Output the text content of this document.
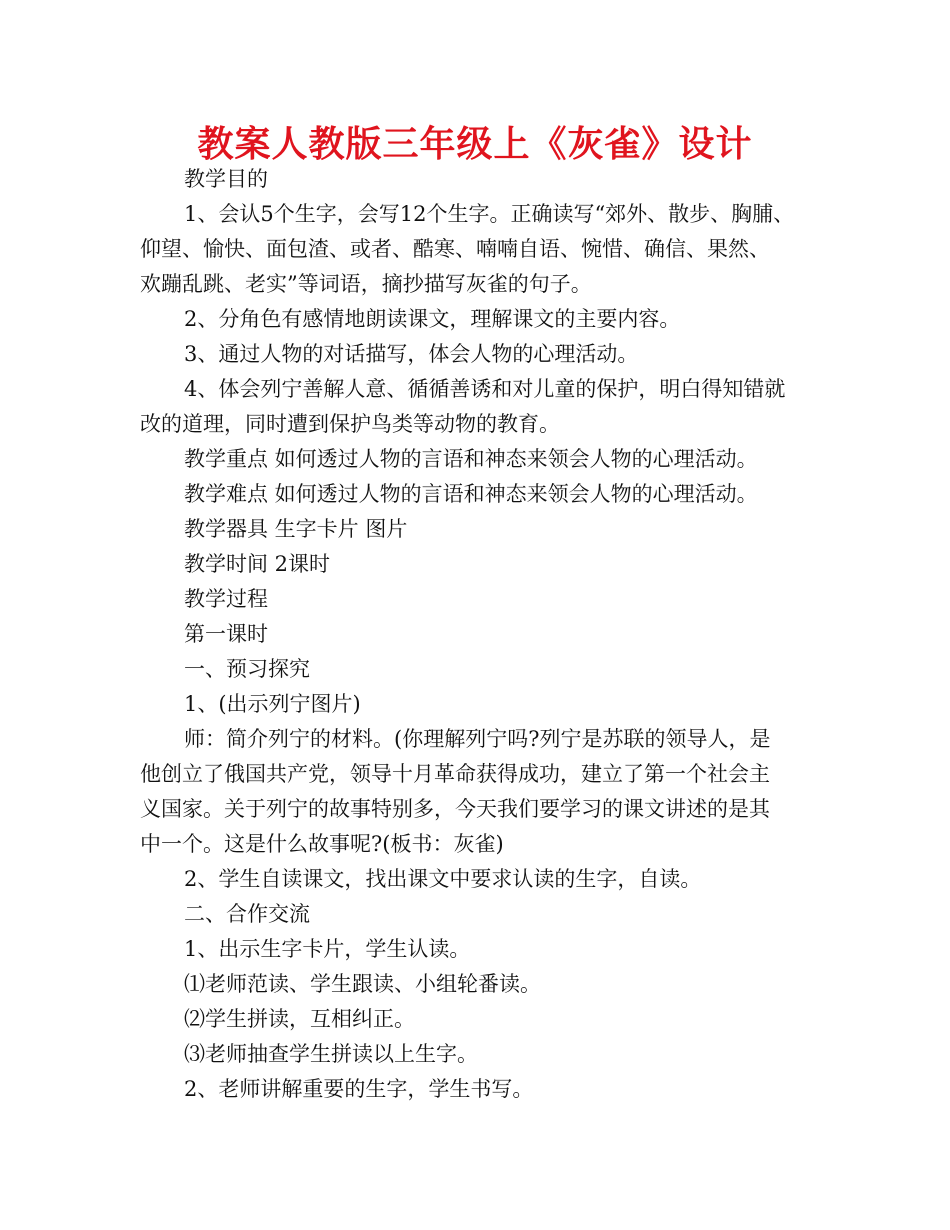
教案人教版三年级上《灰雀》设计

教学目的

1、会认5个生字，会写12个生字。正确读写“郊外、散步、胸脯、

仰望、愉快、面包渣、或者、酷寒、喃喃自语、惋惜、确信、果然、

欢蹦乱跳、老实”等词语，摘抄描写灰雀的句子。

2、分角色有感情地朗读课文，理解课文的主要内容。

3、通过人物的对话描写，体会人物的心理活动。

4、体会列宁善解人意、循循善诱和对儿童的保护，明白得知错就

改的道理，同时遭到保护鸟类等动物的教育。

教学重点 如何透过人物的言语和神态来领会人物的心理活动。

教学难点 如何透过人物的言语和神态来领会人物的心理活动。

教学器具 生字卡片 图片

教学时间 2课时

教学过程

第一课时

一、预习探究

1、(出示列宁图片)

师：简介列宁的材料。(你理解列宁吗?列宁是苏联的领导人，是

他创立了俄国共产党，领导十月革命获得成功，建立了第一个社会主

义国家。关于列宁的故事特别多，今天我们要学习的课文讲述的是其

中一个。这是什么故事呢?(板书：灰雀)

2、学生自读课文，找出课文中要求认读的生字，自读。

二、合作交流

1、出示生字卡片，学生认读。

⑴老师范读、学生跟读、小组轮番读。

⑵学生拼读，互相纠正。

⑶老师抽查学生拼读以上生字。

2、老师讲解重要的生字，学生书写。
